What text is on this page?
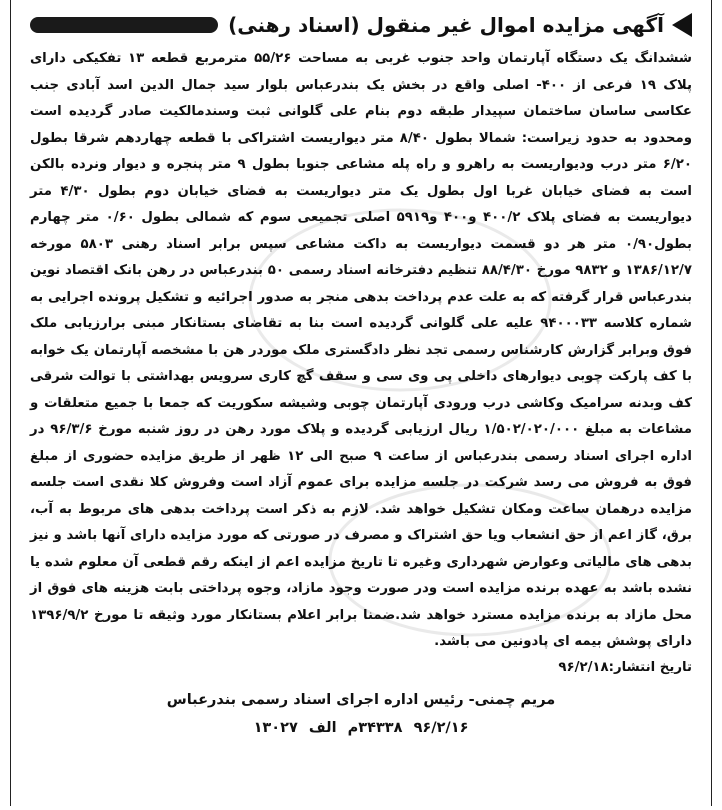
آگهی مزایده اموال غیر منقول (اسناد رهنی)

ششدانگ یک دستگاه آپارتمان واحد جنوب غربی به مساحت ۵۵/۲۶ مترمربع قطعه ۱۳ تفکیکی دارای پلاک ۱۹ فرعی از ۴۰۰- اصلی واقع در بخش یک بندرعباس بلوار سید جمال الدین اسد آبادی جنب عکاسی ساسان ساختمان سپیدار طبقه دوم بنام علی گلوانی ثبت وسندمالکیت صادر گردیده است ومحدود به حدود زیراست: شمالا بطول ۸/۴۰ متر دیواریست اشتراکی با قطعه چهاردهم شرقا بطول ۶/۲۰ متر درب ودیواریست به راهرو و راه پله مشاعی جنوبا بطول ۹ متر پنجره و دیوار ونرده بالکن است به فضای خیابان غربا اول بطول یک متر دیواریست به فضای خیابان دوم بطول ۴/۳۰ متر دیواریست به فضای پلاک ۴۰۰/۲ و۴۰۰ و۵۹۱۹ اصلی تجمیعی سوم که شمالی بطول ۰/۶۰ متر چهارم بطول۰/۹۰ متر هر دو قسمت دیواریست به داکت مشاعی سپس برابر اسناد رهنی ۵۸۰۳ مورخه ۱۳۸۶/۱۲/۷ و ۹۸۳۲ مورخ ۸۸/۴/۳۰ تنظیم دفترخانه اسناد رسمی ۵۰ بندرعباس در رهن بانک اقتصاد نوین بندرعباس قرار گرفته که به علت عدم پرداخت بدهی منجر به صدور اجرائیه و تشکیل پرونده اجرایی به شماره کلاسه ۹۴۰۰۰۳۳ علیه علی گلوانی گردیده است بنا به تقاضای بستانکار مبنی برارزیابی ملک فوق وبرابر گزارش کارشناس رسمی تجد نظر دادگستری ملک موردر هن با مشخصه آپارتمان یک خوابه با کف پارکت چوبی دیوارهای داخلی پی وی سی و سقف گچ کاری سرویس بهداشتی با توالت شرقی کف وبدنه سرامیک وکاشی درب ورودی آپارتمان چوبی وشیشه سکوریت که جمعا با جمیع متعلقات و مشاعات به مبلغ ۱/۵۰۲/۰۲۰/۰۰۰ ریال ارزیابی گردیده و پلاک مورد رهن در روز شنبه مورخ ۹۶/۳/۶ در اداره اجرای اسناد رسمی بندرعباس از ساعت ۹ صبح الی ۱۲ ظهر از طریق مزایده حضوری از مبلغ فوق به فروش می رسد شرکت در جلسه مزایده برای عموم آزاد است وفروش کلا نقدی است جلسه مزایده درهمان ساعت ومکان تشکیل خواهد شد. لازم به ذکر است پرداخت بدهی های مربوط به آب، برق، گاز اعم از حق انشعاب ویا حق اشتراک و مصرف در صورتی که مورد مزایده دارای آنها باشد و نیز بدهی های مالیاتی وعوارض شهرداری وغیره تا تاریخ مزایده اعم از اینکه رقم قطعی آن معلوم شده یا نشده باشد به عهده برنده مزایده است ودر صورت وجود مازاد، وجوه پرداختی بابت هزینه های فوق از محل مازاد به برنده مزایده مسترد خواهد شد.ضمنا برابر اعلام بستانکار مورد وثیقه تا مورخ ۱۳۹۶/۹/۲ دارای پوشش بیمه ای پادونین می باشد.

تاریخ انتشار:۹۶/۲/۱۸
مریم چمنی- رئیس اداره اجرای اسناد رسمی بندرعباس
۹۶/۲/۱۶ ۳۴۳۳۸م الف ۱۳۰۲۷
